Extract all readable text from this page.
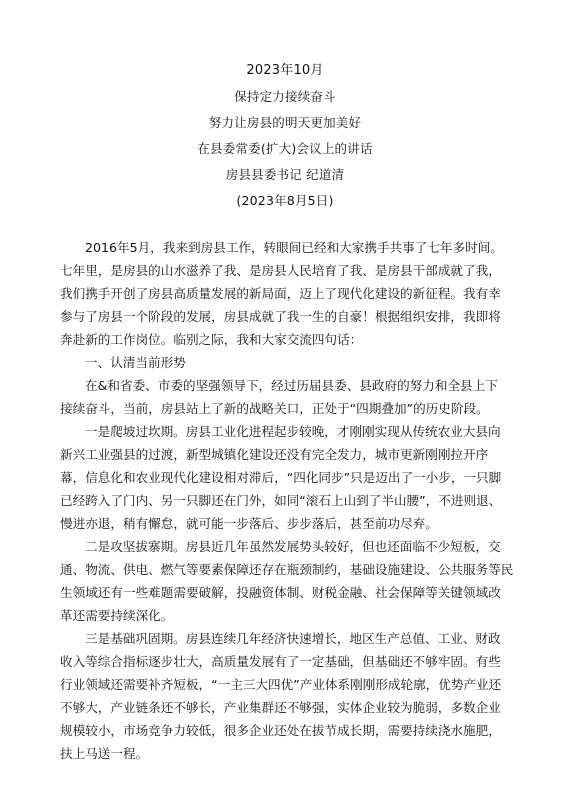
2023年10月
保持定力接续奋斗
努力让房县的明天更加美好
在县委常委(扩大)会议上的讲话
房县县委书记 纪道清
(2023年8月5日)

2016年5月，我来到房县工作，转眼间已经和大家携手共事了七年多时间。
七年里，是房县的山水滋养了我、是房县人民培育了我、是房县干部成就了我，
我们携手开创了房县高质量发展的新局面，迈上了现代化建设的新征程。我有幸
参与了房县一个阶段的发展，房县成就了我一生的自豪！根据组织安排，我即将
奔赴新的工作岗位。临别之际，我和大家交流四句话：

一、认清当前形势

在&和省委、市委的坚强领导下，经过历届县委、县政府的努力和全县上下
接续奋斗，当前，房县站上了新的战略关口，正处于“四期叠加”的历史阶段。

一是爬坡过坎期。房县工业化进程起步较晚，才刚刚实现从传统农业大县向
新兴工业强县的过渡，新型城镇化建设还没有完全发力，城市更新刚刚拉开序
幕，信息化和农业现代化建设相对滞后，“四化同步”只是迈出了一小步，一只脚
已经跨入了门内、另一只脚还在门外，如同“滚石上山到了半山腰”，不进则退、
慢进亦退，稍有懈怠，就可能一步落后、步步落后，甚至前功尽弃。

二是攻坚拔寨期。房县近几年虽然发展势头较好，但也还面临不少短板，交
通、物流、供电、燃气等要素保障还存在瓶颈制约，基础设施建设、公共服务等民
生领域还有一些难题需要破解，投融资体制、财税金融、社会保障等关键领域改
革还需要持续深化。

三是基础巩固期。房县连续几年经济快速增长，地区生产总值、工业、财政
收入等综合指标逐步壮大，高质量发展有了一定基础，但基础还不够牢固。有些
行业领域还需要补齐短板，“一主三大四优”产业体系刚刚形成轮廓，优势产业还
不够大，产业链条还不够长，产业集群还不够强，实体企业较为脆弱，多数企业
规模较小，市场竞争力较低，很多企业还处在拔节成长期，需要持续浇水施肥，
扶上马送一程。
